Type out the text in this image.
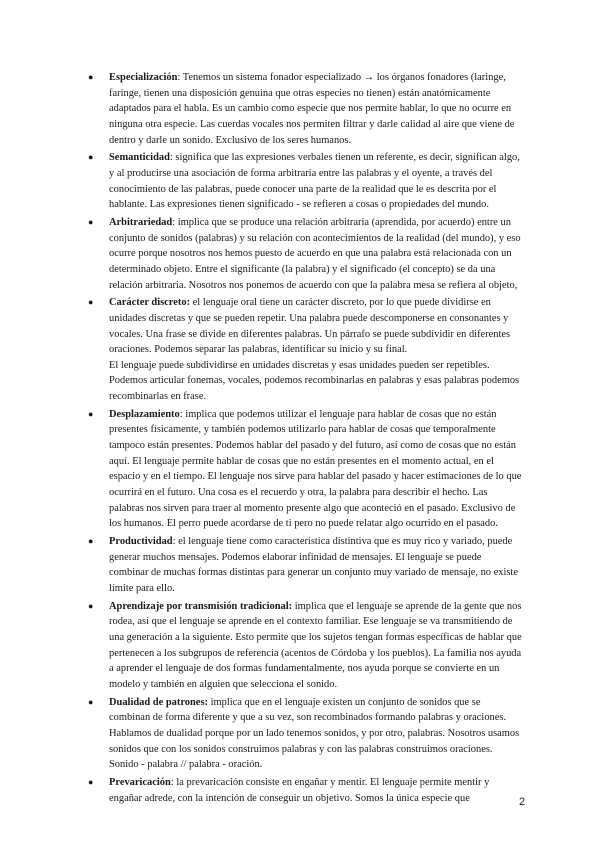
● Especialización: Tenemos un sistema fonador especializado → los órganos fonadores (laringe, faringe, tienen una disposición genuina que otras especies no tienen) están anatómicamente adaptados para el habla. Es un cambio como especie que nos permite hablar, lo que no ocurre en ninguna otra especie. Las cuerdas vocales nos permiten filtrar y darle calidad al aire que viene de dentro y darle un sonido. Exclusivo de los seres humanos.
● Semanticidad: significa que las expresiones verbales tienen un referente, es decir, significan algo, y al producirse una asociación de forma arbitraria entre las palabras y el oyente, a través del conocimiento de las palabras, puede conocer una parte de la realidad que le es descrita por el hablante. Las expresiones tienen significado - se refieren a cosas o propiedades del mundo.
● Arbitrariedad: implica que se produce una relación arbitraria (aprendida, por acuerdo) entre un conjunto de sonidos (palabras) y su relación con acontecimientos de la realidad (del mundo), y eso ocurre porque nosotros nos hemos puesto de acuerdo en que una palabra está relacionada con un determinado objeto. Entre el significante (la palabra) y el significado (el concepto) se da una relación arbitraria. Nosotros nos ponemos de acuerdo con que la palabra mesa se refiera al objeto,
● Carácter discreto: el lenguaje oral tiene un carácter discreto, por lo que puede dividirse en unidades discretas y que se pueden repetir. Una palabra puede descomponerse en consonantes y vocales. Una frase se divide en diferentes palabras. Un párrafo se puede subdividir en diferentes oraciones. Podemos separar las palabras, identificar su inicio y su final.
El lenguaje puede subdividirse en unidades discretas y esas unidades pueden ser repetibles. Podemos articular fonemas, vocales, podemos recombinarlas en palabras y esas palabras podemos recombinarlas en frase.
● Desplazamiento: implica que podemos utilizar el lenguaje para hablar de cosas que no están presentes físicamente, y también podemos utilizarlo para hablar de cosas que temporalmente tampoco están presentes. Podemos hablar del pasado y del futuro, así como de cosas que no están aquí. El lenguaje permite hablar de cosas que no están presentes en el momento actual, en el espacio y en el tiempo. El lenguaje nos sirve para hablar del pasado y hacer estimaciones de lo que ocurrirá en el futuro. Una cosa es el recuerdo y otra, la palabra para describir el hecho. Las palabras nos sirven para traer al momento presente algo que aconteció en el pasado. Exclusivo de los humanos. El perro puede acordarse de ti pero no puede relatar algo ocurrido en el pasado.
● Productividad: el lenguaje tiene como característica distintiva que es muy rico y variado, puede generar muchos mensajes. Podemos elaborar infinidad de mensajes. El lenguaje se puede combinar de muchas formas distintas para generar un conjunto muy variado de mensaje, no existe límite para ello.
● Aprendizaje por transmisión tradicional: implica que el lenguaje se aprende de la gente que nos rodea, así que el lenguaje se aprende en el contexto familiar. Ese lenguaje se va transmitiendo de una generación a la siguiente. Esto permite que los sujetos tengan formas específicas de hablar que pertenecen a los subgrupos de referencia (acentos de Córdoba y los pueblos). La familia nos ayuda a aprender el lenguaje de dos formas fundamentalmente, nos ayuda porque se convierte en un modelo y también en alguien que selecciona el sonido.
● Dualidad de patrones: implica que en el lenguaje existen un conjunto de sonidos que se combinan de forma diferente y que a su vez, son recombinados formando palabras y oraciones. Hablamos de dualidad porque por un lado tenemos sonidos, y por otro, palabras. Nosotros usamos sonidos que con los sonidos construimos palabras y con las palabras construimos oraciones. Sonido - palabra // palabra - oración.
● Prevaricación: la prevaricación consiste en engañar y mentir. El lenguaje permite mentir y engañar adrede, con la intención de conseguir un objetivo. Somos la única especie que	2
